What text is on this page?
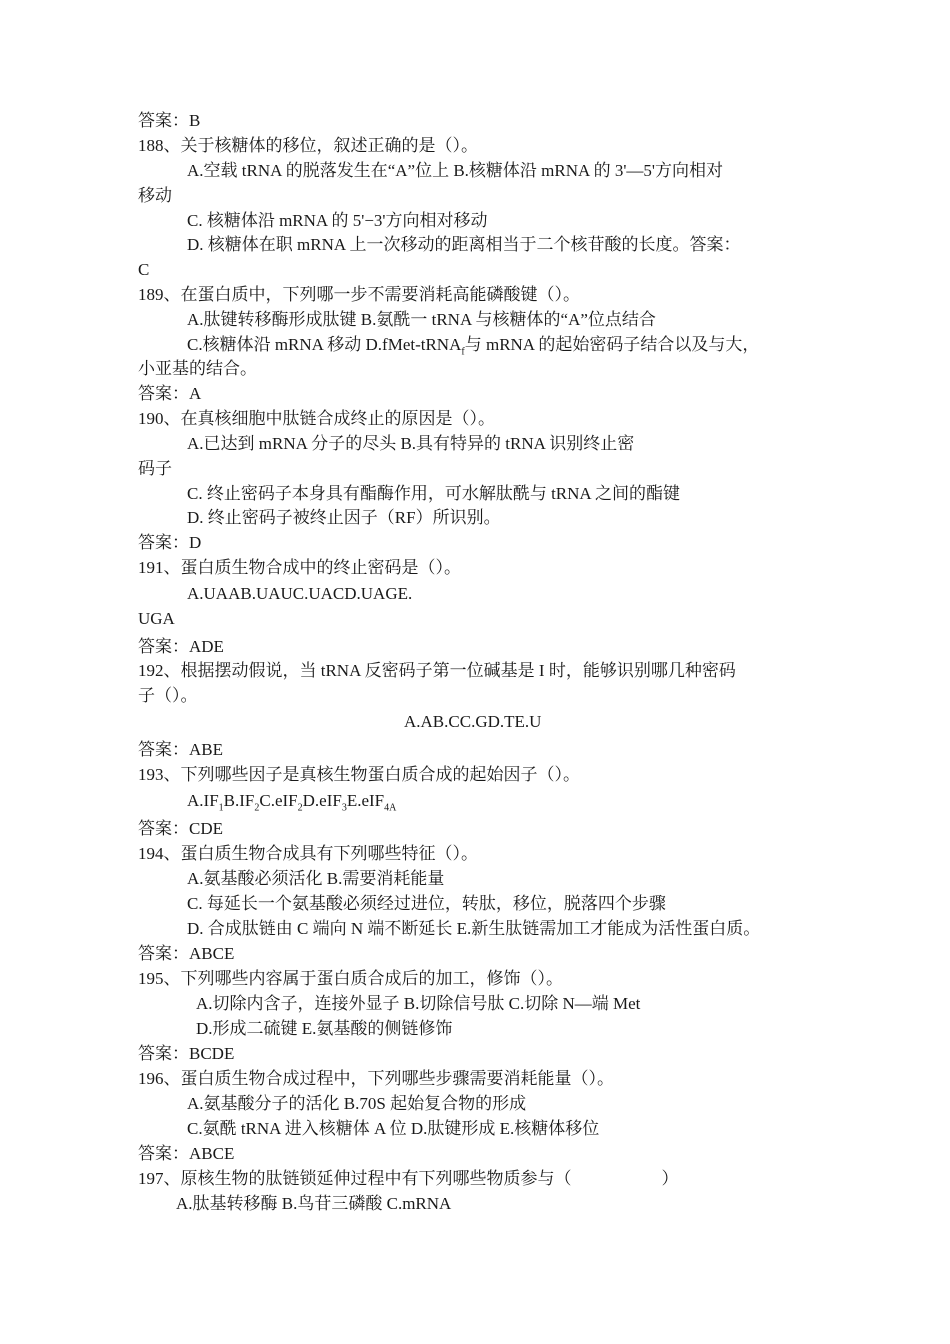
答案：B
188、关于核糖体的移位，叙述正确的是（）。
A.空载 tRNA 的脱落发生在“A”位上 B.核糖体沿 mRNA 的 3'—5'方向相对
移动
C. 核糖体沿 mRNA 的 5'−3'方向相对移动
D. 核糖体在职 mRNA 上一次移动的距离相当于二个核苷酸的长度。答案：
C
189、在蛋白质中，下列哪一步不需要消耗高能磷酸键（）。
A.肽键转移酶形成肽键 B.氨酰一 tRNA 与核糖体的“A”位点结合
C.核糖体沿 mRNA 移动 D.fMet-tRNA$_f$与 mRNA 的起始密码子结合以及与大，
小亚基的结合。
答案：A
190、在真核细胞中肽链合成终止的原因是（）。
A.已达到 mRNA 分子的尽头 B.具有特异的 tRNA 识别终止密
码子
C. 终止密码子本身具有酯酶作用，可水解肽酰与 tRNA 之间的酯键
D. 终止密码子被终止因子（RF）所识别。
答案：D
191、蛋白质生物合成中的终止密码是（）。
A.UAAB.UAUC.UACD.UAGE.
UGA
答案：ADE
192、根据摆动假说，当 tRNA 反密码子第一位碱基是 I 时，能够识别哪几种密码
子（）。
A.AB.CC.GD.TE.U
答案：ABE
193、下列哪些因子是真核生物蛋白质合成的起始因子（）。
$A.IF_1B.IF_2C.eIF_2D.eIF_3E.eIF_{4A}$
答案：CDE
194、蛋白质生物合成具有下列哪些特征（）。
A.氨基酸必须活化 B.需要消耗能量
C. 每延长一个氨基酸必须经过进位，转肽，移位，脱落四个步骤
D. 合成肽链由 C 端向 N 端不断延长 E.新生肽链需加工才能成为活性蛋白质。
答案：ABCE
195、下列哪些内容属于蛋白质合成后的加工，修饰（）。
A.切除内含子，连接外显子 B.切除信号肽 C.切除 N—端 Met
D.形成二硫键 E.氨基酸的侧链修饰
答案：BCDE
196、蛋白质生物合成过程中，下列哪些步骤需要消耗能量（）。
A.氨基酸分子的活化 B.70S 起始复合物的形成
C.氨酰 tRNA 进入核糖体 A 位 D.肽键形成 E.核糖体移位
答案：ABCE
197、原核生物的肽链锁延伸过程中有下列哪些物质参与（	）
A.肽基转移酶 B.鸟苷三磷酸 C.mRNA
